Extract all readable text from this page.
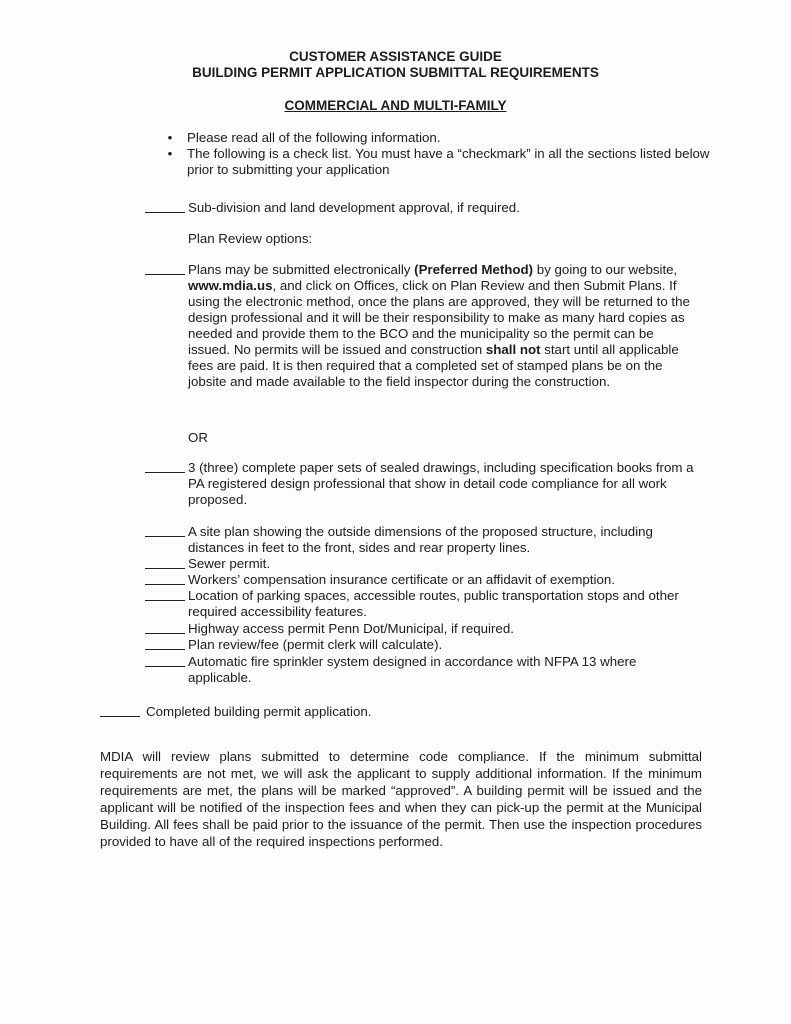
CUSTOMER ASSISTANCE GUIDE
BUILDING PERMIT APPLICATION SUBMITTAL REQUIREMENTS
COMMERCIAL AND MULTI-FAMILY
• Please read all of the following information.
• The following is a check list. You must have a “checkmark” in all the sections listed below prior to submitting your application
Sub-division and land development approval, if required.
Plan Review options:
Plans may be submitted electronically (Preferred Method) by going to our website, www.mdia.us, and click on Offices, click on Plan Review and then Submit Plans. If using the electronic method, once the plans are approved, they will be returned to the design professional and it will be their responsibility to make as many hard copies as needed and provide them to the BCO and the municipality so the permit can be issued. No permits will be issued and construction shall not start until all applicable fees are paid. It is then required that a completed set of stamped plans be on the jobsite and made available to the field inspector during the construction.
OR
3 (three) complete paper sets of sealed drawings, including specification books from a PA registered design professional that show in detail code compliance for all work proposed.
A site plan showing the outside dimensions of the proposed structure, including distances in feet to the front, sides and rear property lines.
Sewer permit.
Workers’ compensation insurance certificate or an affidavit of exemption.
Location of parking spaces, accessible routes, public transportation stops and other required accessibility features.
Highway access permit Penn Dot/Municipal, if required.
Plan review/fee (permit clerk will calculate).
Automatic fire sprinkler system designed in accordance with NFPA 13 where applicable.
Completed building permit application.
MDIA will review plans submitted to determine code compliance. If the minimum submittal requirements are not met, we will ask the applicant to supply additional information. If the minimum requirements are met, the plans will be marked “approved”. A building permit will be issued and the applicant will be notified of the inspection fees and when they can pick-up the permit at the Municipal Building. All fees shall be paid prior to the issuance of the permit. Then use the inspection procedures provided to have all of the required inspections performed.
